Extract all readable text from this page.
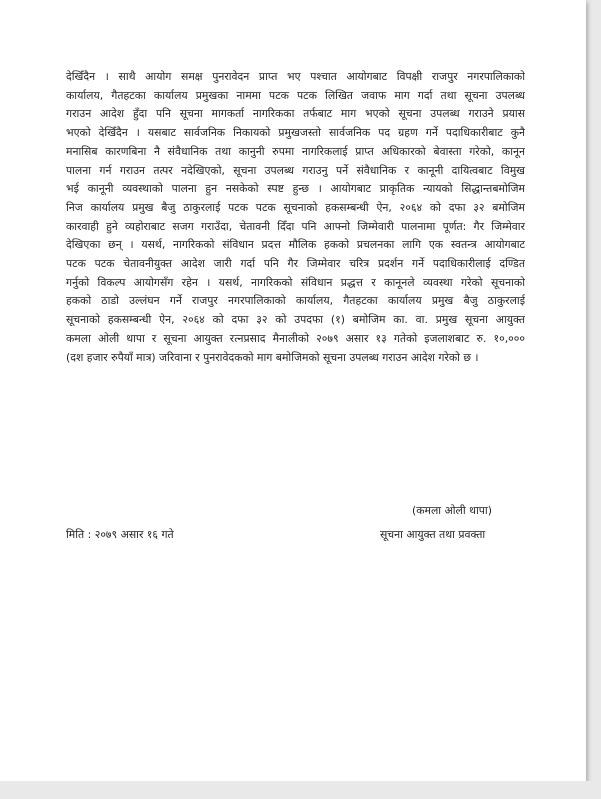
देखिँदैन । साथै आयोग समक्ष पुनरावेदन प्राप्त भए पश्चात आयोगबाट विपक्षी राजपुर नगरपालिकाको
कार्यालय, गैतहटका कार्यालय प्रमुखका नाममा पटक पटक लिखित जवाफ माग गर्दा तथा सूचना उपलब्ध
गराउन आदेश हुँदा पनि सूचना मागकर्ता नागरिकका तर्फबाट माग भएको सूचना उपलब्ध गराउने प्रयास
भएको देखिँदैन । यसबाट सार्वजनिक निकायको प्रमुखजस्तो सार्वजनिक पद ग्रहण गर्ने पदाधिकारीबाट कुनै
मनासिब कारणबिना नै संवैधानिक तथा कानुनी रुपमा नागरिकलाई प्राप्त अधिकारको बेवास्ता गरेको, कानून
पालना गर्न गराउन तत्पर नदेखिएको, सूचना उपलब्ध गराउनु पर्ने संवैधानिक र कानूनी दायित्वबाट विमुख
भई कानूनी व्यवस्थाको पालना हुन नसकेको स्पष्ट हुन्छ । आयोगबाट प्राकृतिक न्यायको सिद्धान्तबमोजिम
निज कार्यालय प्रमुख बैजु ठाकुरलाई पटक पटक सूचनाको हकसम्बन्धी ऐन, २०६४ को दफा ३२ बमोजिम
कारवाही हुने व्यहोराबाट सजग गराउँदा, चेतावनी दिँदा पनि आफ्नो जिम्मेवारी पालनामा पूर्णत: गैर जिम्मेवार
देखिएका छन् । यसर्थ, नागरिकको संविधान प्रदत्त मौलिक हकको प्रचलनका लागि एक स्वतन्त्र आयोगबाट
पटक पटक चेतावनीयुक्त आदेश जारी गर्दा पनि गैर जिम्मेवार चरित्र प्रदर्शन गर्ने पदाधिकारीलाई दण्डित
गर्नुको विकल्प आयोगसँग रहेन । यसर्थ, नागरिकको संविधान प्रद्धत्त र कानूनले व्यवस्था गरेको सूचनाको
हकको ठाडो उल्लंघन गर्ने राजपुर नगरपालिकाको कार्यालय, गैतहटका कार्यालय प्रमुख बैजु ठाकुरलाई
सूचनाको हकसम्बन्धी ऐन, २०६४ को दफा ३२ को उपदफा (१) बमोजिम का. वा. प्रमुख सूचना आयुक्त
कमला ओली थापा र सूचना आयुक्त रत्नप्रसाद मैनालीको २०७९ असार १३ गतेको इजलाशबाट रु. १०,०००
(दश हजार रुपैयाँ मात्र) जरिवाना र पुनरावेदकको माग बमोजिमको सूचना उपलब्ध गराउन आदेश गरेको छ ।

(कमला ओली थापा)
मिति : २०७९ असार १६ गते	सूचना आयुक्त तथा प्रवक्ता
